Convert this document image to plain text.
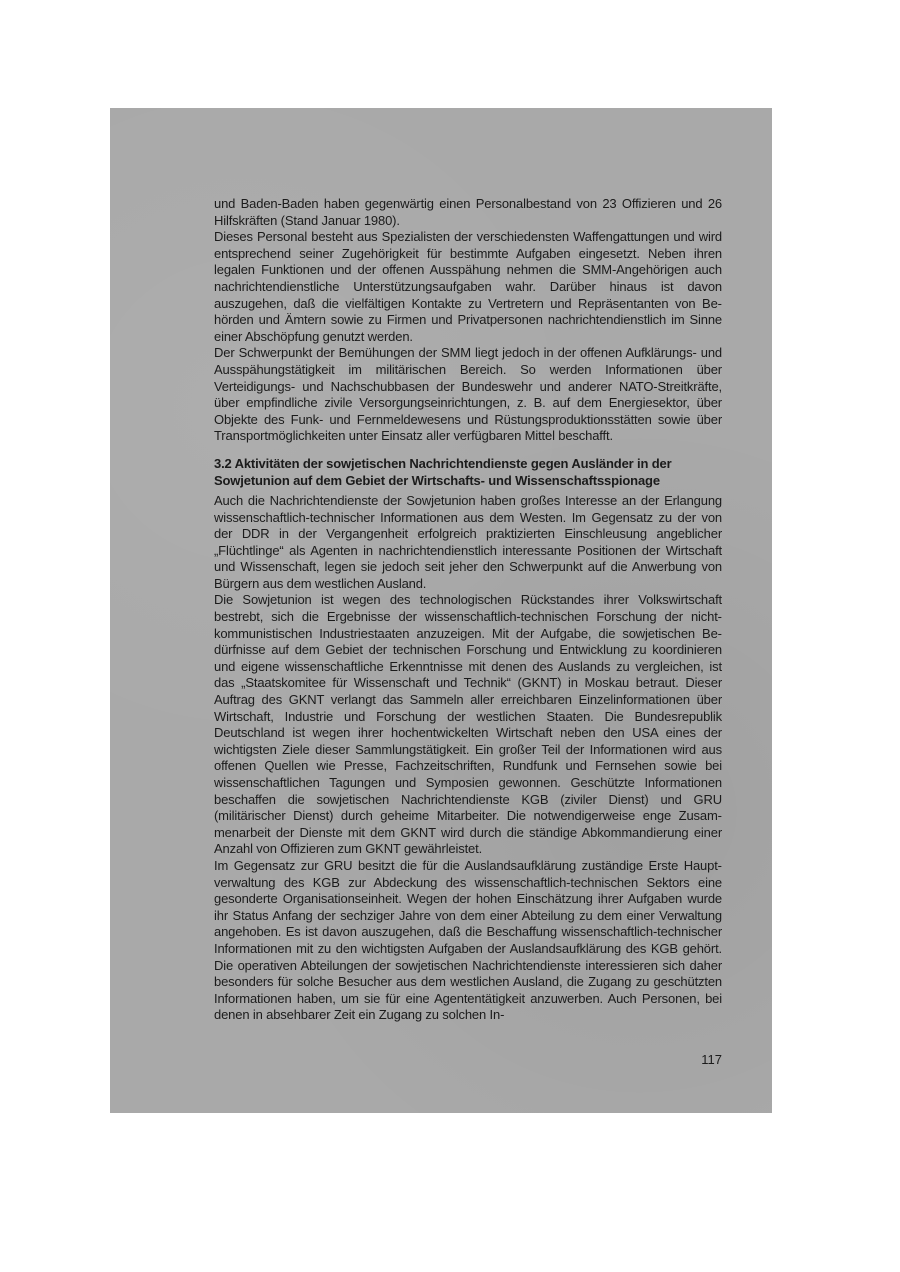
und Baden-Baden haben gegenwärtig einen Personalbestand von 23 Offizieren und 26 Hilfskräften (Stand Januar 1980).

Dieses Personal besteht aus Spezialisten der verschiedensten Waffengattungen und wird entsprechend seiner Zugehörigkeit für bestimmte Aufgaben eingesetzt. Neben ihren legalen Funktionen und der offenen Ausspähung nehmen die SMM-Angehörigen auch nachrichtendienstliche Unterstützungsaufgaben wahr. Darüber hinaus ist davon auszugehen, daß die vielfältigen Kontakte zu Vertretern und Repräsentanten von Behörden und Ämtern sowie zu Firmen und Privatpersonen nachrichtendienstlich im Sinne einer Abschöpfung genutzt werden.

Der Schwerpunkt der Bemühungen der SMM liegt jedoch in der offenen Aufklärungs- und Ausspähungstätigkeit im militärischen Bereich. So werden Informationen über Verteidigungs- und Nachschubbasen der Bundeswehr und anderer NATO-Streitkräfte, über empfindliche zivile Versorgungseinrichtungen, z. B. auf dem Energiesektor, über Objekte des Funk- und Fernmeldewesens und Rüstungsproduktionsstätten sowie über Transportmöglichkeiten unter Einsatz aller verfügbaren Mittel beschafft.

3.2 Aktivitäten der sowjetischen Nachrichtendienste gegen Ausländer in der Sowjetunion auf dem Gebiet der Wirtschafts- und Wissenschaftsspionage

Auch die Nachrichtendienste der Sowjetunion haben großes Interesse an der Erlangung wissenschaftlich-technischer Informationen aus dem Westen. Im Gegensatz zu der von der DDR in der Vergangenheit erfolgreich praktizierten Einschleusung angeblicher „Flüchtlinge“ als Agenten in nachrichtendienstlich interessante Positionen der Wirtschaft und Wissenschaft, legen sie jedoch seit jeher den Schwerpunkt auf die Anwerbung von Bürgern aus dem westlichen Ausland.

Die Sowjetunion ist wegen des technologischen Rückstandes ihrer Volkswirtschaft bestrebt, sich die Ergebnisse der wissenschaftlich-technischen Forschung der nichtkommunistischen Industriestaaten anzuzeigen. Mit der Aufgabe, die sowjetischen Bedürfnisse auf dem Gebiet der technischen Forschung und Entwicklung zu koordinieren und eigene wissenschaftliche Erkenntnisse mit denen des Auslands zu vergleichen, ist das „Staatskomitee für Wissenschaft und Technik“ (GKNT) in Moskau betraut. Dieser Auftrag des GKNT verlangt das Sammeln aller erreichbaren Einzelinformationen über Wirtschaft, Industrie und Forschung der westlichen Staaten. Die Bundesrepublik Deutschland ist wegen ihrer hochentwickelten Wirtschaft neben den USA eines der wichtigsten Ziele dieser Sammlungstätigkeit. Ein großer Teil der Informationen wird aus offenen Quellen wie Presse, Fachzeitschriften, Rundfunk und Fernsehen sowie bei wissenschaftlichen Tagungen und Symposien gewonnen. Geschützte Informationen beschaffen die sowjetischen Nachrichtendienste KGB (ziviler Dienst) und GRU (militärischer Dienst) durch geheime Mitarbeiter. Die notwendigerweise enge Zusammenarbeit der Dienste mit dem GKNT wird durch die ständige Abkommandierung einer Anzahl von Offizieren zum GKNT gewährleistet.

Im Gegensatz zur GRU besitzt die für die Auslandsaufklärung zuständige Erste Hauptverwaltung des KGB zur Abdeckung des wissenschaftlich-technischen Sektors eine gesonderte Organisationseinheit. Wegen der hohen Einschätzung ihrer Aufgaben wurde ihr Status Anfang der sechziger Jahre von dem einer Abteilung zu dem einer Verwaltung angehoben. Es ist davon auszugehen, daß die Beschaffung wissenschaftlich-technischer Informationen mit zu den wichtigsten Aufgaben der Auslandsaufklärung des KGB gehört. Die operativen Abteilungen der sowjetischen Nachrichtendienste interessieren sich daher besonders für solche Besucher aus dem westlichen Ausland, die Zugang zu geschützten Informationen haben, um sie für eine Agententätigkeit anzuwerben. Auch Personen, bei denen in absehbarer Zeit ein Zugang zu solchen In-

117
